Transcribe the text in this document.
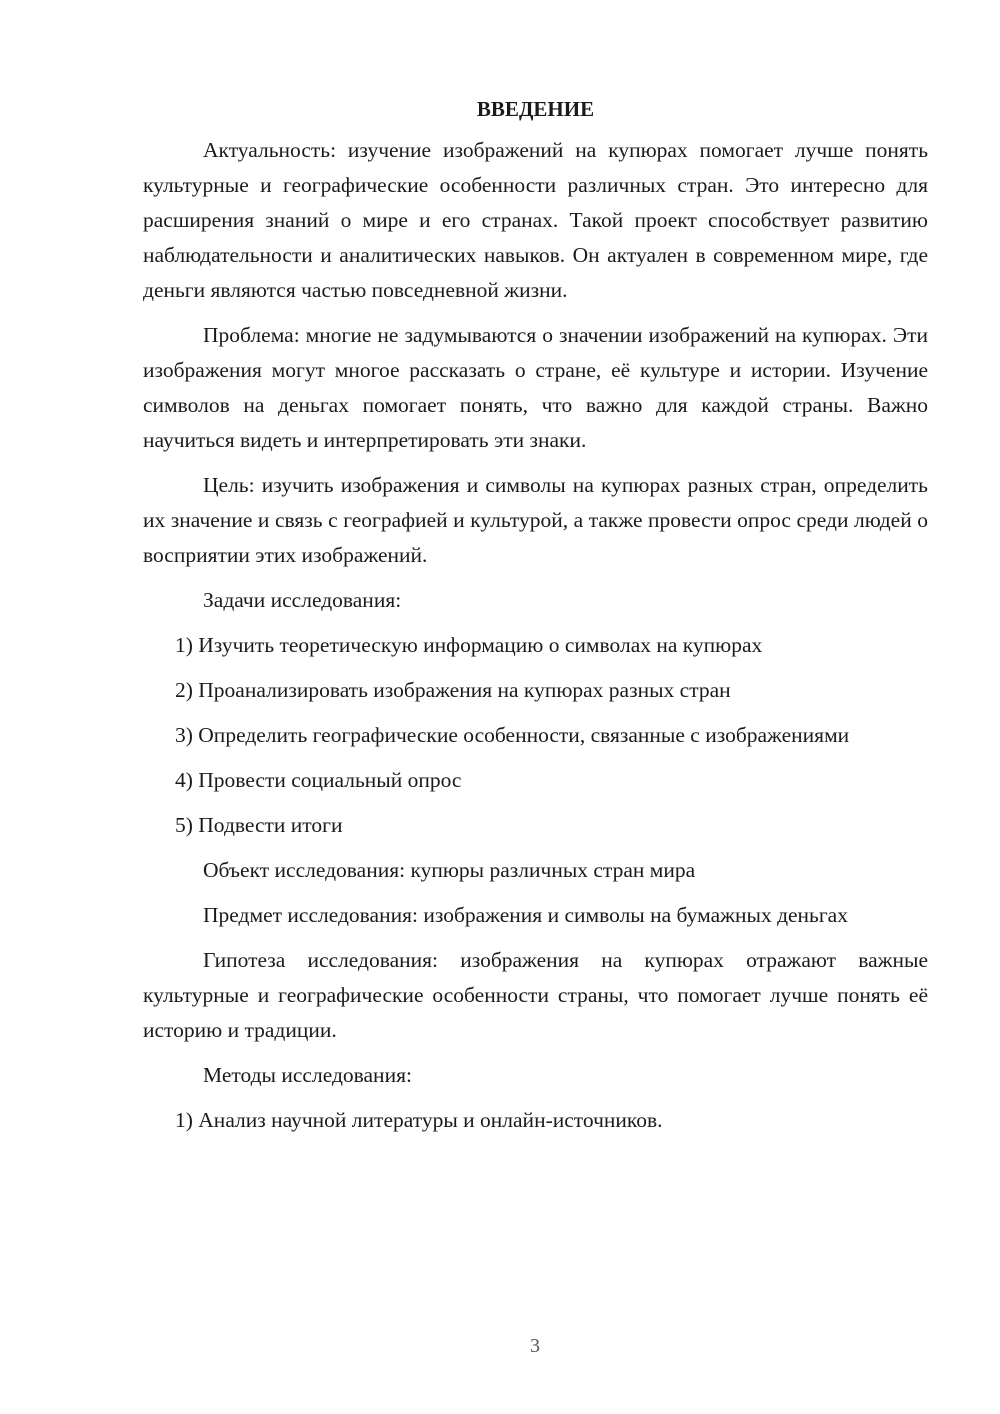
ВВЕДЕНИЕ

Актуальность: изучение изображений на купюрах помогает лучше понять культурные и географические особенности различных стран. Это интересно для расширения знаний о мире и его странах. Такой проект способствует развитию наблюдательности и аналитических навыков. Он актуален в современном мире, где деньги являются частью повседневной жизни.

Проблема: многие не задумываются о значении изображений на купюрах. Эти изображения могут многое рассказать о стране, её культуре и истории. Изучение символов на деньгах помогает понять, что важно для каждой страны. Важно научиться видеть и интерпретировать эти знаки.

Цель: изучить изображения и символы на купюрах разных стран, определить их значение и связь с географией и культурой, а также провести опрос среди людей о восприятии этих изображений.

Задачи исследования:

1) Изучить теоретическую информацию о символах на купюрах

2) Проанализировать изображения на купюрах разных стран

3) Определить географические особенности, связанные с изображениями

4) Провести социальный опрос

5) Подвести итоги

Объект исследования: купюры различных стран мира

Предмет исследования: изображения и символы на бумажных деньгах

Гипотеза исследования: изображения на купюрах отражают важные культурные и географические особенности страны, что помогает лучше понять её историю и традиции.

Методы исследования:

1) Анализ научной литературы и онлайн-источников.

3
